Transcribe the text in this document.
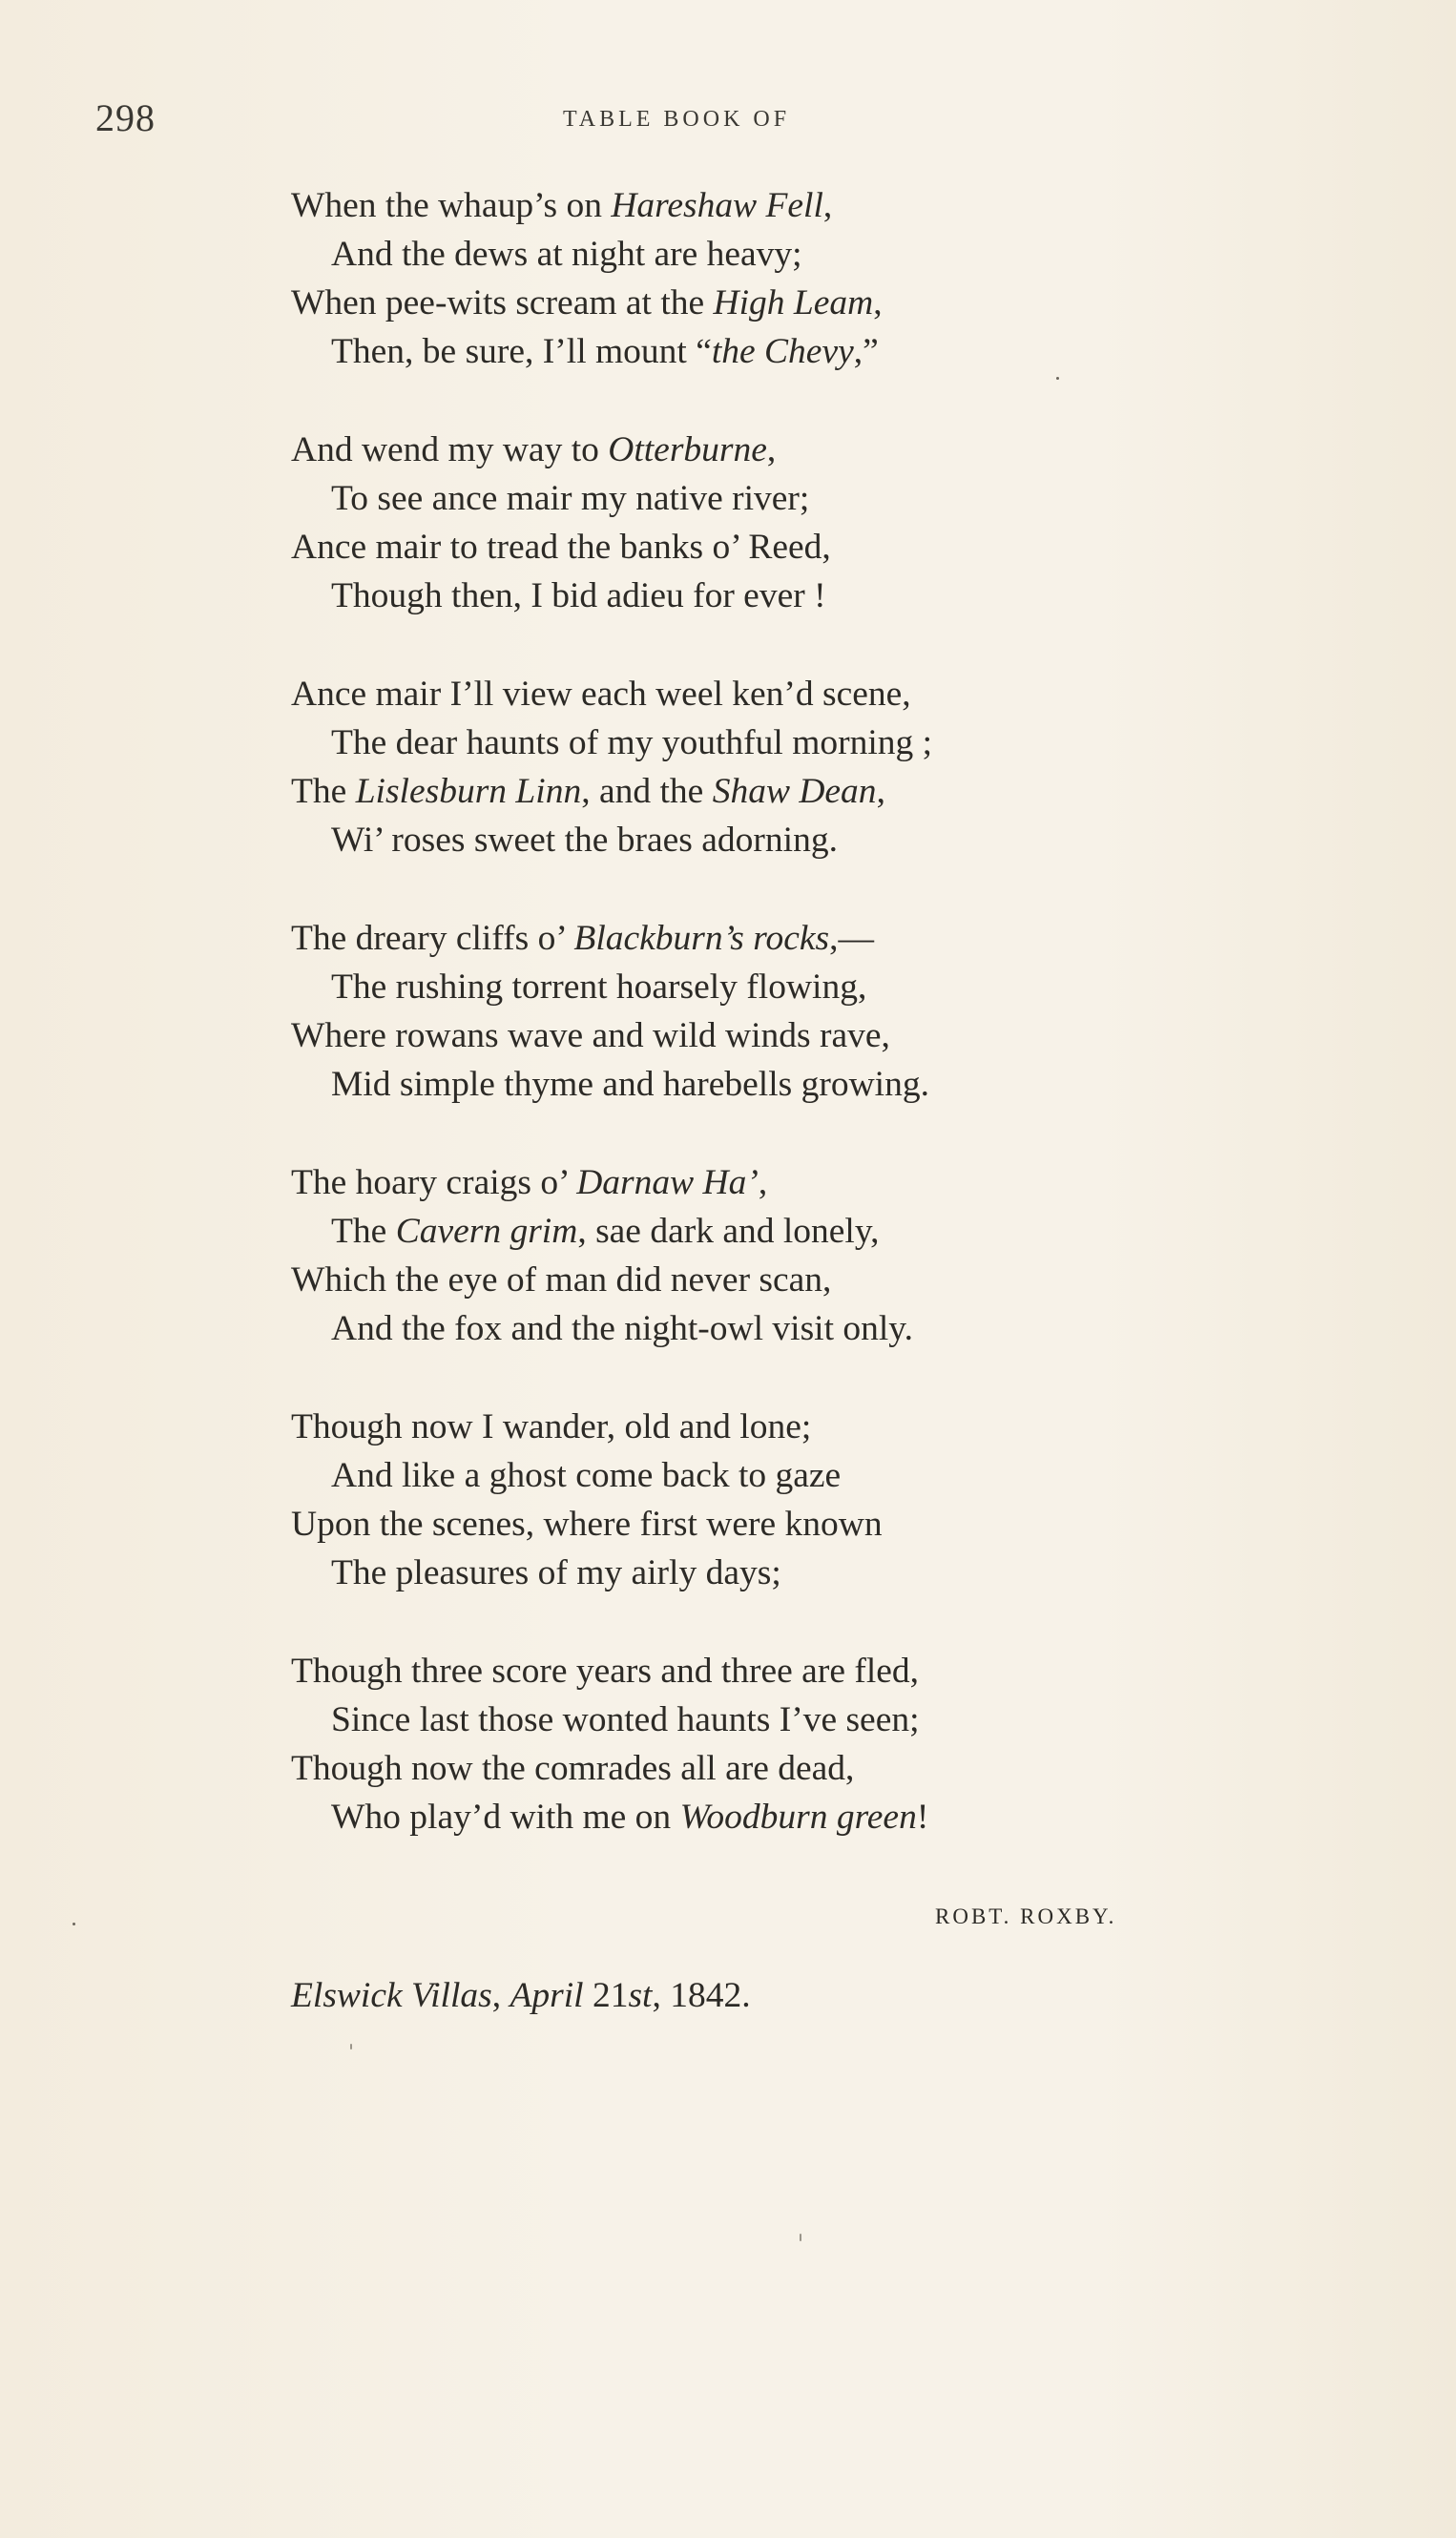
298	TABLE BOOK OF
When the whaup’s on Hareshaw Fell,
And the dews at night are heavy;
When pee-wits scream at the High Leam,
Then, be sure, I’ll mount “the Chevy,”
And wend my way to Otterburne,
To see ance mair my native river;
Ance mair to tread the banks o’ Reed,
Though then, I bid adieu for ever !
Ance mair I’ll view each weel ken’d scene,
The dear haunts of my youthful morning ;
The Lislesburn Linn, and the Shaw Dean,
Wi’ roses sweet the braes adorning.
The dreary cliffs o’ Blackburn’s rocks,—
The rushing torrent hoarsely flowing,
Where rowans wave and wild winds rave,
Mid simple thyme and harebells growing.
The hoary craigs o’ Darnaw Ha’,
The Cavern grim, sae dark and lonely,
Which the eye of man did never scan,
And the fox and the night-owl visit only.
Though now I wander, old and lone;
And like a ghost come back to gaze
Upon the scenes, where first were known
The pleasures of my airly days;
Though three score years and three are fled,
Since last those wonted haunts I’ve seen;
Though now the comrades all are dead,
Who play’d with me on Woodburn green!
ROBT. ROXBY.
Elswick Villas, April 21st, 1842.
